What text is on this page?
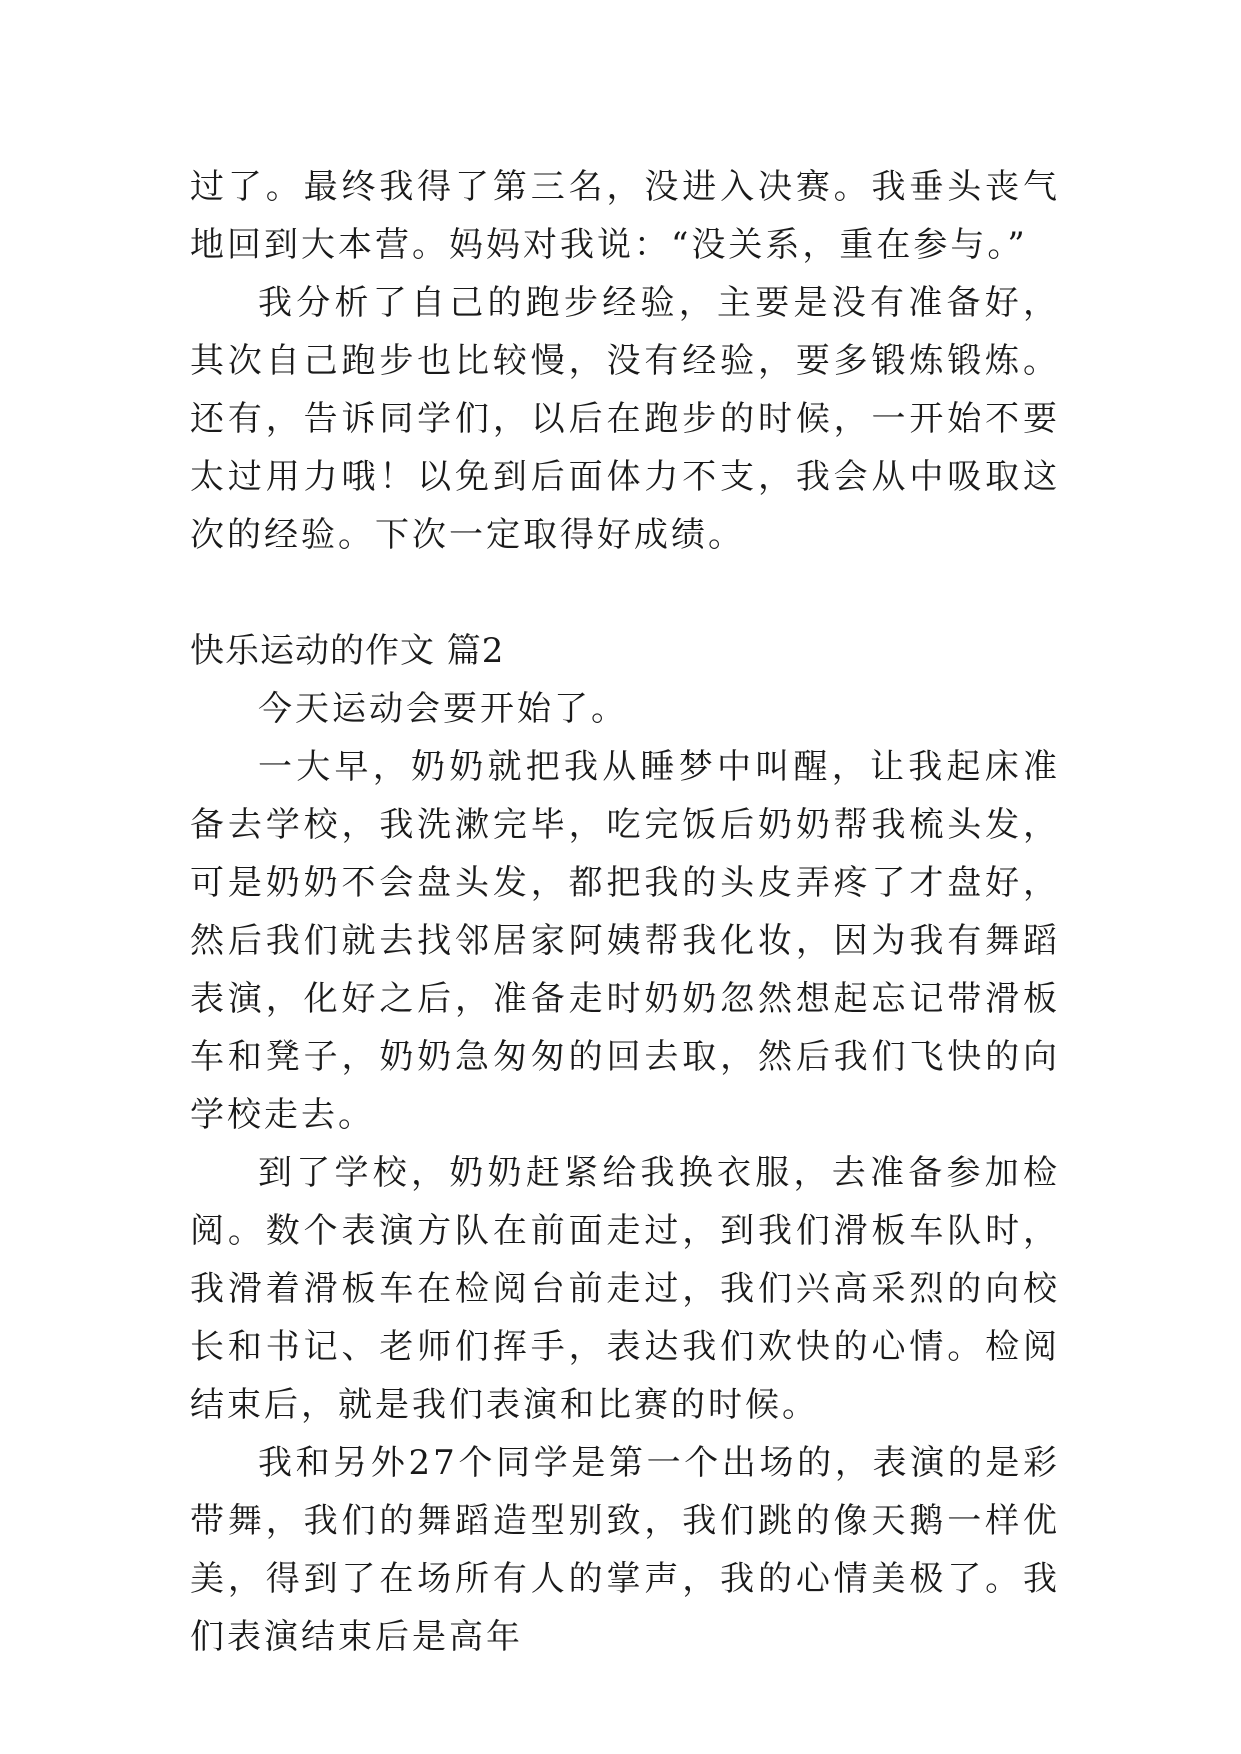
过了。最终我得了第三名，没进入决赛。我垂头丧气地回到大本营。妈妈对我说：“没关系，重在参与。”

我分析了自己的跑步经验，主要是没有准备好，其次自己跑步也比较慢，没有经验，要多锻炼锻炼。还有，告诉同学们，以后在跑步的时候，一开始不要太过用力哦！以免到后面体力不支，我会从中吸取这次的经验。下次一定取得好成绩。

快乐运动的作文 篇2

今天运动会要开始了。

一大早，奶奶就把我从睡梦中叫醒，让我起床准备去学校，我洗漱完毕，吃完饭后奶奶帮我梳头发，可是奶奶不会盘头发，都把我的头皮弄疼了才盘好，然后我们就去找邻居家阿姨帮我化妆，因为我有舞蹈表演，化好之后，准备走时奶奶忽然想起忘记带滑板车和凳子，奶奶急匆匆的回去取，然后我们飞快的向学校走去。

到了学校，奶奶赶紧给我换衣服，去准备参加检阅。数个表演方队在前面走过，到我们滑板车队时，我滑着滑板车在检阅台前走过，我们兴高采烈的向校长和书记、老师们挥手，表达我们欢快的心情。检阅结束后，就是我们表演和比赛的时候。

我和另外27个同学是第一个出场的，表演的是彩带舞，我们的舞蹈造型别致，我们跳的像天鹅一样优美，得到了在场所有人的掌声，我的心情美极了。我们表演结束后是高年
